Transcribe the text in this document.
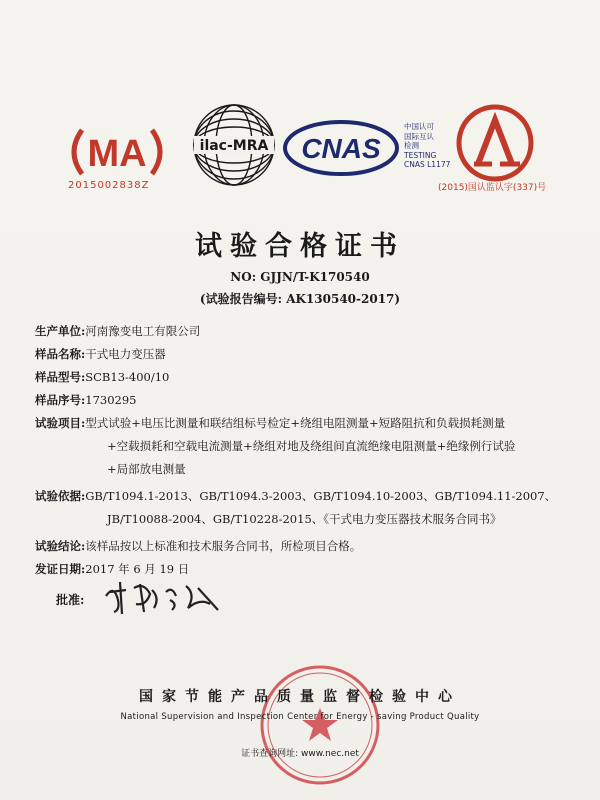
MA
2015002838Z
ilac-MRA CNAS
中国认可
国际互认
检测
TESTING
CNAS L1177
(2015)国认监认字(337)号
试验合格证书
NO: GJJN/T-K170540
(试验报告编号: AK130540-2017)
生产单位: 河南豫变电工有限公司
样品名称: 干式电力变压器
样品型号: SCB13-400/10
样品序号: 1730295
试验项目: 型式试验+电压比测量和联结组标号检定+绕组电阻测量+短路阻抗和负载损耗测量
+空载损耗和空载电流测量+绕组对地及绕组间直流绝缘电阻测量+绝缘例行试验
+局部放电测量
试验依据: GB/T1094.1-2013、GB/T1094.3-2003、GB/T1094.10-2003、GB/T1094.11-2007、
JB/T10088-2004、GB/T10228-2015、《干式电力变压器技术服务合同书》
试验结论: 该样品按以上标准和技术服务合同书，所检项目合格。
发证日期: 2017 年 6 月 19 日
批准:
国家节能产品质量监督检验中心
National Supervision and Inspection Center for Energy - saving Product Quality
证书查询网址: www.nec.net
